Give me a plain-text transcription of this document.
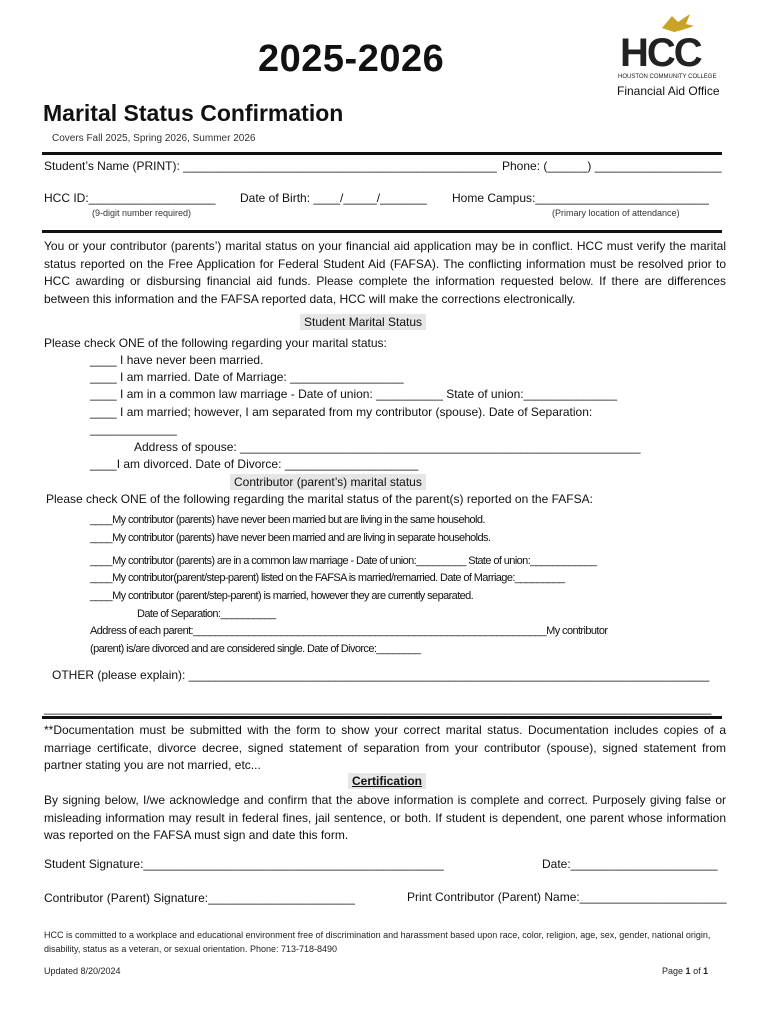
2025-2026
Marital Status Confirmation
Covers Fall 2025, Spring 2026, Summer 2026
HCC
HOUSTON COMMUNITY COLLEGE
Financial Aid Office
Student’s Name (PRINT): _______________________________________________ Phone: (______) ___________________
HCC ID:___________________
(9-digit number required)
Date of Birth: ____/_____/_______ Home Campus:__________________________
(Primary location of attendance)
You or your contributor (parents’) marital status on your financial aid application may be in conflict. HCC must verify the marital status reported on the Free Application for Federal Student Aid (FAFSA). The conflicting information must be resolved prior to HCC awarding or disbursing financial aid funds. Please complete the information requested below. If there are differences between this information and the FAFSA reported data, HCC will make the corrections electronically.
Student Marital Status
Please check ONE of the following regarding your marital status:
____ I have never been married.
____ I am married. Date of Marriage: _________________
____ I am in a common law marriage - Date of union: __________ State of union:______________
____ I am married; however, I am separated from my contributor (spouse). Date of Separation:
_____________
Address of spouse: ____________________________________________________________
____I am divorced. Date of Divorce: ____________________
Contributor (parent’s) marital status
Please check ONE of the following regarding the marital status of the parent(s) reported on the FAFSA:
____My contributor (parents) have never been married but are living in the same household.
____My contributor (parents) have never been married and are living in separate households.
____My contributor (parents) are in a common law marriage - Date of union:_________ State of union:____________
____My contributor(parent/step-parent) listed on the FAFSA is married/remarried. Date of Marriage:_________
____My contributor (parent/step-parent) is married, however they are currently separated.
Date of Separation:__________
Address of each parent:________________________________________________________________My contributor
(parent) is/are divorced and are considered single. Date of Divorce:________
OTHER (please explain): ______________________________________________________________________________
____________________________________________________________________________________________________
**Documentation must be submitted with the form to show your correct marital status. Documentation includes copies of a marriage certificate, divorce decree, signed statement of separation from your contributor (spouse), signed statement from partner stating you are not married, etc...
Certification
By signing below, I/we acknowledge and confirm that the above information is complete and correct. Purposely giving false or misleading information may result in federal fines, jail sentence, or both. If student is dependent, one parent whose information was reported on the FAFSA must sign and date this form.
Student Signature:_____________________________________________	Date:______________________
Contributor (Parent) Signature:______________________	Print Contributor (Parent) Name:______________________
HCC is committed to a workplace and educational environment free of discrimination and harassment based upon race, color, religion, age, sex, gender, national origin, disability, status as a veteran, or sexual orientation. Phone: 713-718-8490
Updated 8/20/2024	Page 1 of 1
